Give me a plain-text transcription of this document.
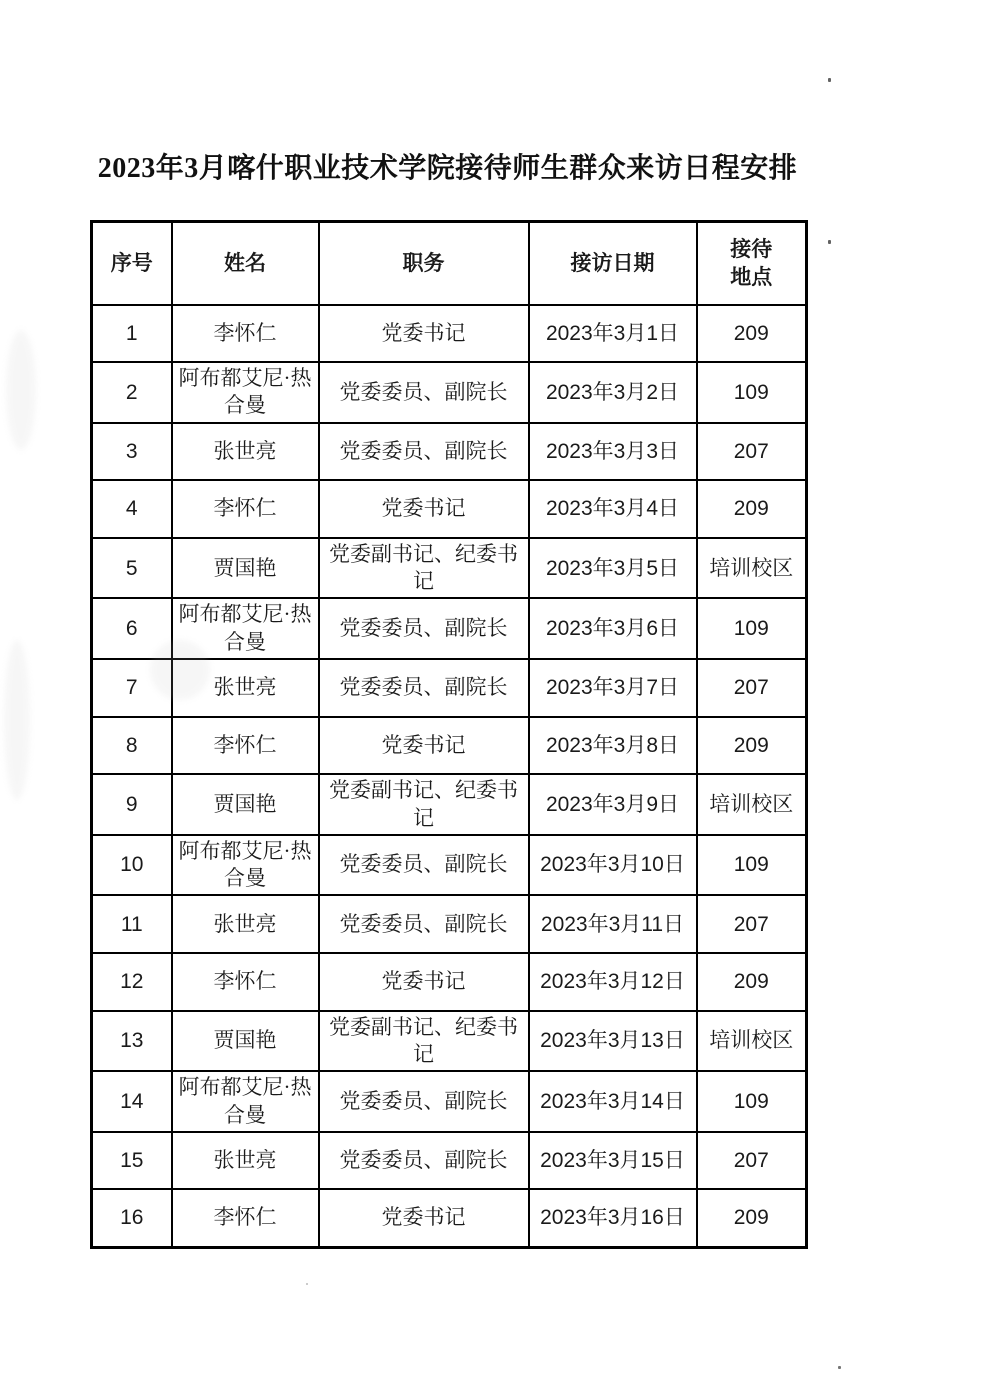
2023年3月喀什职业技术学院接待师生群众来访日程安排
序号	姓名	职务	接访日期	接待地点
1	李怀仁	党委书记	2023年3月1日	209
2	阿布都艾尼·热合曼	党委委员、副院长	2023年3月2日	109
3	张世亮	党委委员、副院长	2023年3月3日	207
4	李怀仁	党委书记	2023年3月4日	209
5	贾国艳	党委副书记、纪委书记	2023年3月5日	培训校区
6	阿布都艾尼·热合曼	党委委员、副院长	2023年3月6日	109
7	张世亮	党委委员、副院长	2023年3月7日	207
8	李怀仁	党委书记	2023年3月8日	209
9	贾国艳	党委副书记、纪委书记	2023年3月9日	培训校区
10	阿布都艾尼·热合曼	党委委员、副院长	2023年3月10日	109
11	张世亮	党委委员、副院长	2023年3月11日	207
12	李怀仁	党委书记	2023年3月12日	209
13	贾国艳	党委副书记、纪委书记	2023年3月13日	培训校区
14	阿布都艾尼·热合曼	党委委员、副院长	2023年3月14日	109
15	张世亮	党委委员、副院长	2023年3月15日	207
16	李怀仁	党委书记	2023年3月16日	209
